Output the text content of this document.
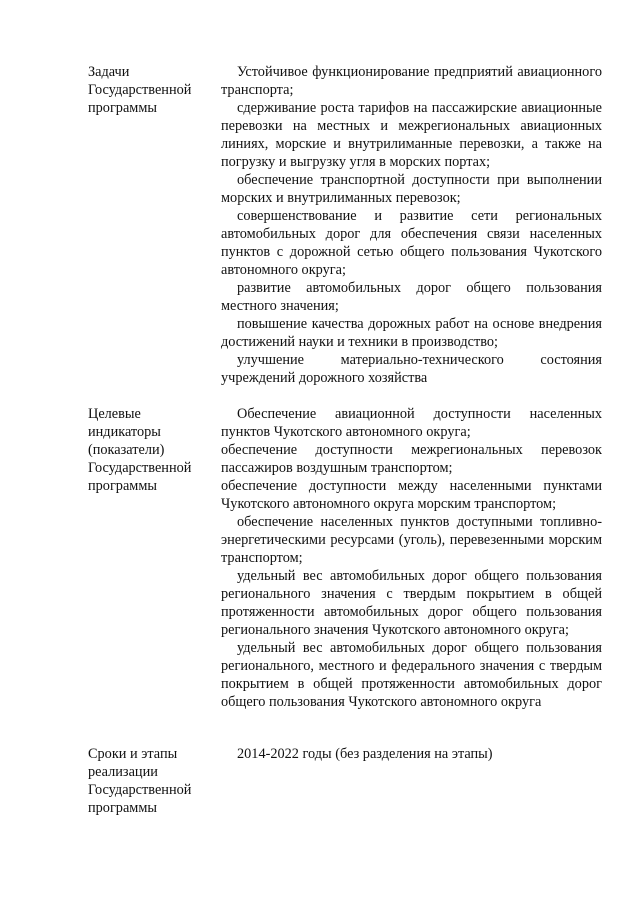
Задачи
Государственной
программы

Устойчивое функционирование предприятий авиационного транспорта;

сдерживание роста тарифов на пассажирские авиационные перевозки на местных и межрегиональных авиационных линиях, морские и внутрилиманные перевозки, а также на погрузку и выгрузку угля в морских портах;

обеспечение транспортной доступности при выполнении морских и внутрилиманных перевозок;

совершенствование и развитие сети региональных автомобильных дорог для обеспечения связи населенных пунктов с дорожной сетью общего пользования Чукотского автономного округа;

развитие автомобильных дорог общего пользования местного значения;

повышение качества дорожных работ на основе внедрения достижений науки и техники в производство;

улучшение материально-технического состояния учреждений дорожного хозяйства

Целевые
индикаторы
(показатели)
Государственной
программы

Обеспечение авиационной доступности населенных пунктов Чукотского автономного округа;

обеспечение доступности межрегиональных перевозок пассажиров воздушным транспортом;

обеспечение доступности между населенными пунктами Чукотского автономного округа морским транспортом;

обеспечение населенных пунктов доступными топливно-энергетическими ресурсами (уголь), перевезенными морским транспортом;

удельный вес автомобильных дорог общего пользования регионального значения с твердым покрытием в общей протяженности автомобильных дорог общего пользования регионального значения Чукотского автономного округа;

удельный вес автомобильных дорог общего пользования регионального, местного и федерального значения с твердым покрытием в общей протяженности автомобильных дорог общего пользования Чукотского автономного округа

Сроки и этапы
реализации
Государственной
программы

2014-2022 годы (без разделения на этапы)
